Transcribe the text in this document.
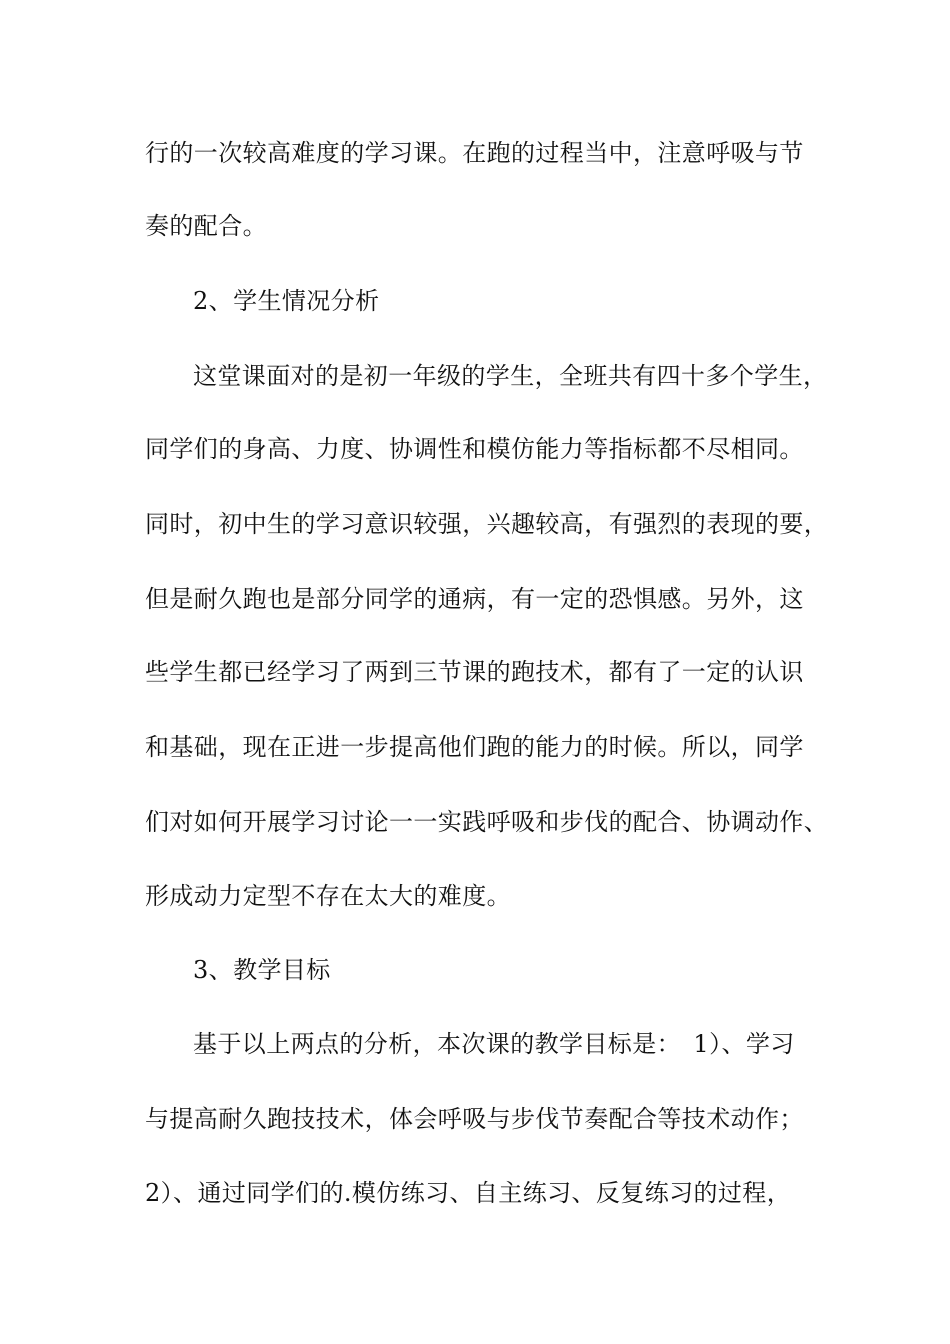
行的一次较高难度的学习课。在跑的过程当中，注意呼吸与节

奏的配合。

2、学生情况分析

这堂课面对的是初一年级的学生，全班共有四十多个学生，

同学们的身高、力度、协调性和模仿能力等指标都不尽相同。

同时，初中生的学习意识较强，兴趣较高，有强烈的表现的要，

但是耐久跑也是部分同学的通病，有一定的恐惧感。另外，这

些学生都已经学习了两到三节课的跑技术，都有了一定的认识

和基础，现在正进一步提高他们跑的能力的时候。所以，同学

们对如何开展学习讨论一一实践呼吸和步伐的配合、协调动作、

形成动力定型不存在太大的难度。

3、教学目标

基于以上两点的分析，本次课的教学目标是：　1）、学习

与提高耐久跑技技术，体会呼吸与步伐节奏配合等技术动作；

2）、通过同学们的.模仿练习、自主练习、反复练习的过程，
